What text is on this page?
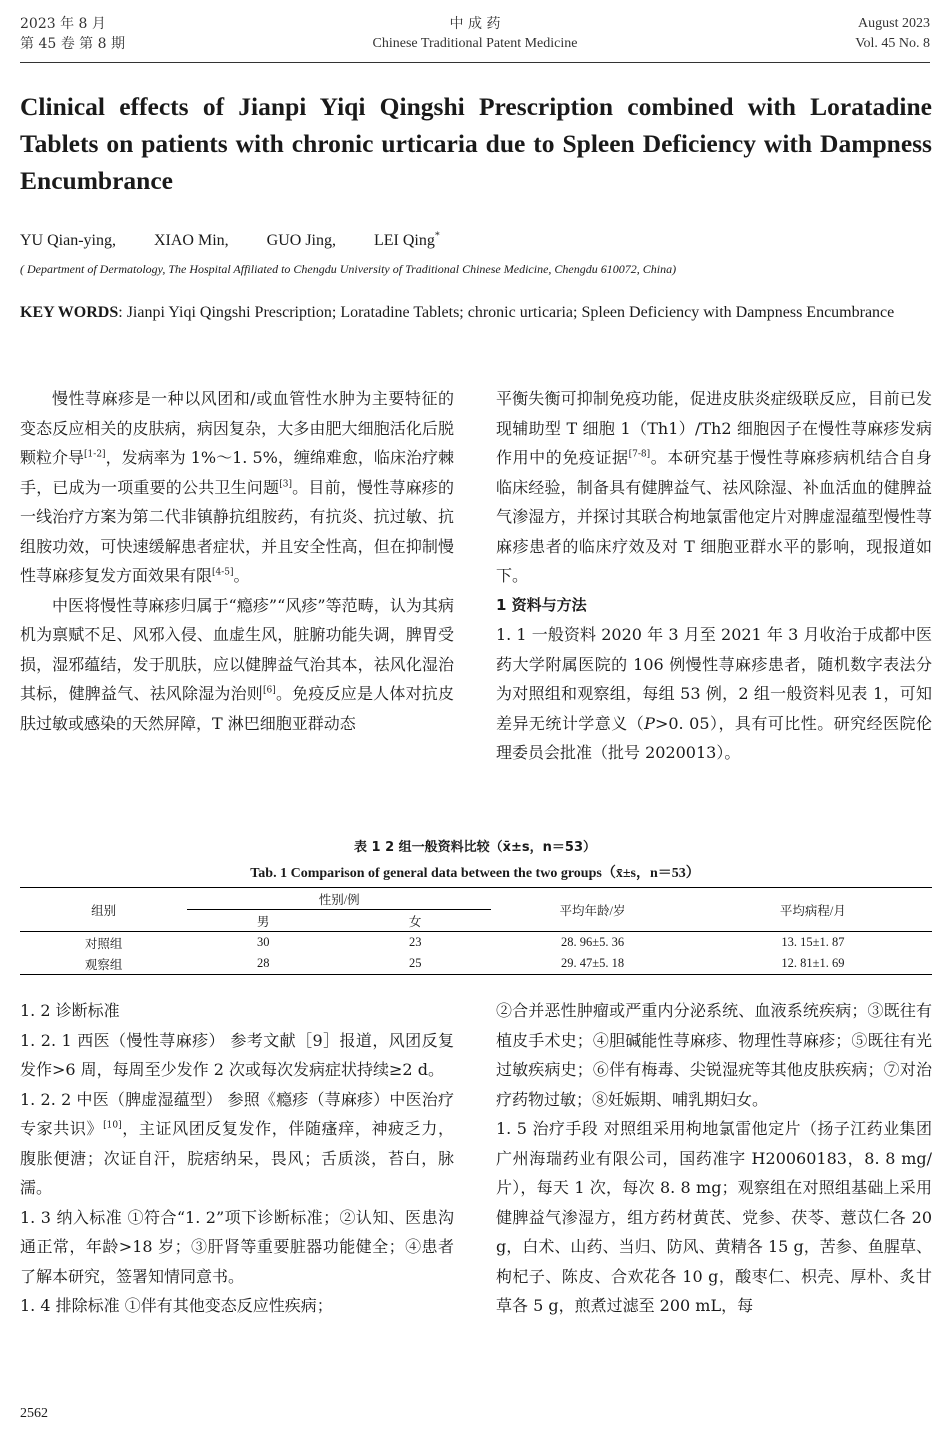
2023 年 8 月
第 45 卷 第 8 期
中 成 药
Chinese Traditional Patent Medicine
August 2023
Vol. 45 No. 8
Clinical effects of Jianpi Yiqi Qingshi Prescription combined with Loratadine Tablets on patients with chronic urticaria due to Spleen Deficiency with Dampness Encumbrance
YU Qian-ying, XIAO Min, GUO Jing, LEI Qing*
( Department of Dermatology, The Hospital Affiliated to Chengdu University of Traditional Chinese Medicine, Chengdu 610072, China)
KEY WORDS: Jianpi Yiqi Qingshi Prescription; Loratadine Tablets; chronic urticaria; Spleen Deficiency with Dampness Encumbrance

慢性荨麻疹是一种以风团和/或血管性水肿为主要特征的变态反应相关的皮肤病，病因复杂，大多由肥大细胞活化后脱颗粒介导[1-2]，发病率为 1%～1. 5%，缠绵难愈，临床治疗棘手，已成为一项重要的公共卫生问题[3]。目前，慢性荨麻疹的一线治疗方案为第二代非镇静抗组胺药，有抗炎、抗过敏、抗组胺功效，可快速缓解患者症状，并且安全性高，但在抑制慢性荨麻疹复发方面效果有限[4-5]。

中医将慢性荨麻疹归属于“瘾疹”“风疹”等范畴，认为其病机为禀赋不足、风邪入侵、血虚生风，脏腑功能失调，脾胃受损，湿邪蕴结，发于肌肤，应以健脾益气治其本，祛风化湿治其标，健脾益气、祛风除湿为治则[6]。免疫反应是人体对抗皮肤过敏或感染的天然屏障，T 淋巴细胞亚群动态

平衡失衡可抑制免疫功能，促进皮肤炎症级联反应，目前已发现辅助型 T 细胞 1（Th1）/Th2 细胞因子在慢性荨麻疹发病作用中的免疫证据[7-8]。本研究基于慢性荨麻疹病机结合自身临床经验，制备具有健脾益气、祛风除湿、补血活血的健脾益气渗湿方，并探讨其联合枸地氯雷他定片对脾虚湿蕴型慢性荨麻疹患者的临床疗效及对 T 细胞亚群水平的影响，现报道如下。

1 资料与方法

1. 1 一般资料 2020 年 3 月至 2021 年 3 月收治于成都中医药大学附属医院的 106 例慢性荨麻疹患者，随机数字表法分为对照组和观察组，每组 53 例，2 组一般资料见表 1，可知差异无统计学意义（P>0. 05），具有可比性。研究经医院伦理委员会批准（批号 2020013）。

表 1 2 组一般资料比较（x̄±s，n＝53）
Tab. 1 Comparison of general data between the two groups（x̄±s，n＝53）
组别	性别/例		平均年龄/岁	平均病程/月
	男	女		
对照组	30	23	28. 96±5. 36	13. 15±1. 87
观察组	28	25	29. 47±5. 18	12. 81±1. 69

1. 2 诊断标准

1. 2. 1 西医（慢性荨麻疹） 参考文献［9］报道，风团反复发作>6 周，每周至少发作 2 次或每次发病症状持续≥2 d。

1. 2. 2 中医（脾虚湿蕴型） 参照《瘾疹（荨麻疹）中医治疗专家共识》[10]，主证风团反复发作，伴随瘙痒，神疲乏力，腹胀便溏；次证自汗，脘痞纳呆，畏风；舌质淡，苔白，脉濡。

1. 3 纳入标准 ①符合“1. 2”项下诊断标准；②认知、医患沟通正常，年龄>18 岁；③肝肾等重要脏器功能健全；④患者了解本研究，签署知情同意书。

1. 4 排除标准 ①伴有其他变态反应性疾病；

②合并恶性肿瘤或严重内分泌系统、血液系统疾病；③既往有植皮手术史；④胆碱能性荨麻疹、物理性荨麻疹；⑤既往有光过敏疾病史；⑥伴有梅毒、尖锐湿疣等其他皮肤疾病；⑦对治疗药物过敏；⑧妊娠期、哺乳期妇女。

1. 5 治疗手段 对照组采用枸地氯雷他定片（扬子江药业集团广州海瑞药业有限公司，国药准字 H20060183，8. 8 mg/片），每天 1 次，每次 8. 8 mg；观察组在对照组基础上采用健脾益气渗湿方，组方药材黄芪、党参、茯苓、薏苡仁各 20 g，白术、山药、当归、防风、黄精各 15 g，苦参、鱼腥草、枸杞子、陈皮、合欢花各 10 g，酸枣仁、枳壳、厚朴、炙甘草各 5 g，煎煮过滤至 200 mL，每

2562
